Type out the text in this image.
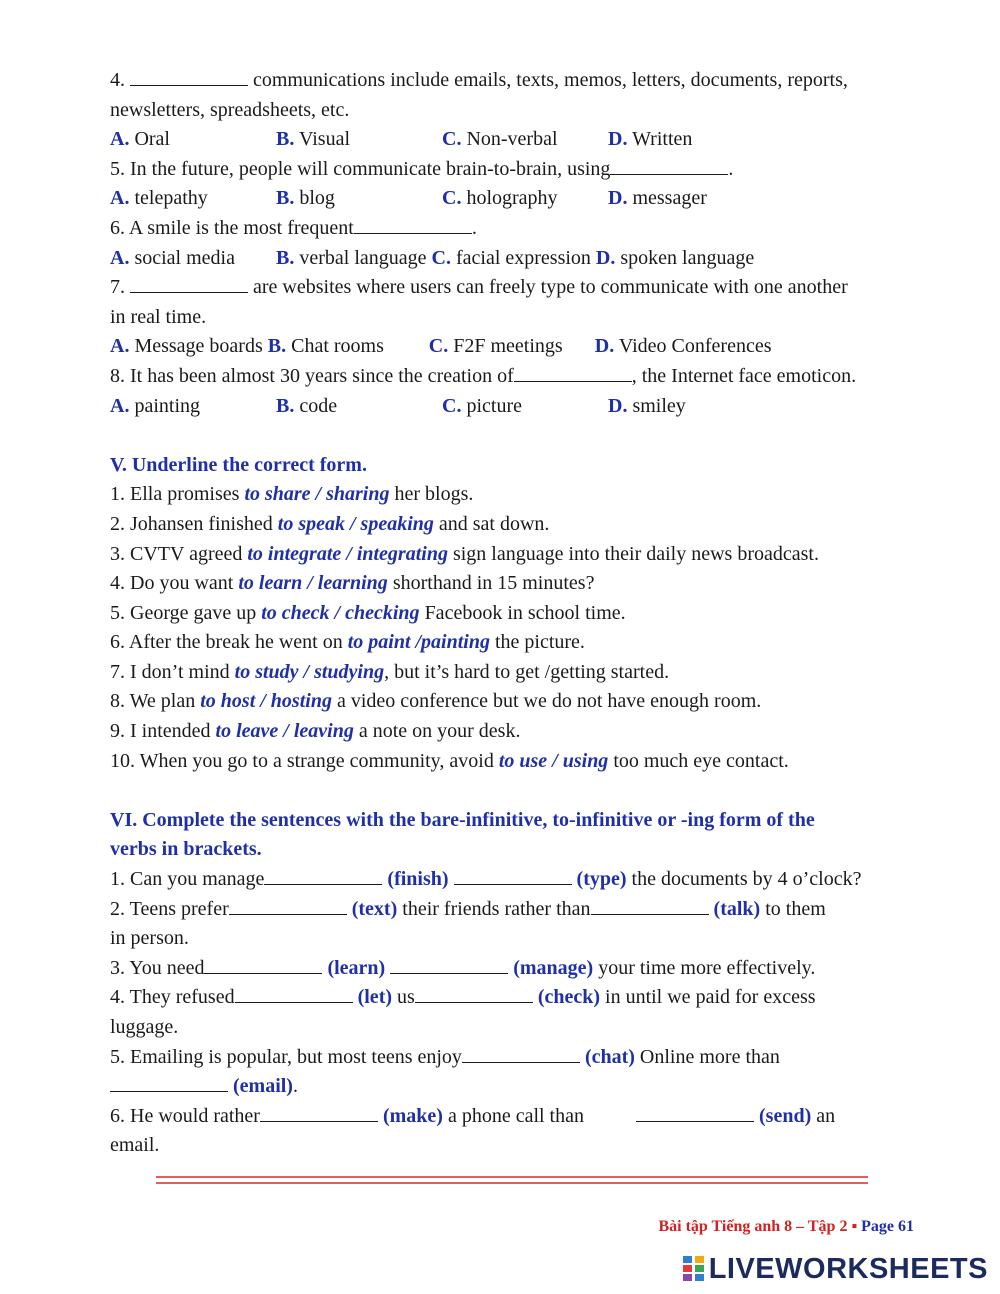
4.	communications include emails, texts, memos, letters, documents, reports,
newsletters, spreadsheets, etc.
A. Oral	B. Visual	C. Non-verbal	D. Written
5. In the future, people will communicate brain-to-brain, using	.
A. telepathy	B. blog	C. holography	D. messager
6. A smile is the most frequent	.
A. social media B. verbal language C. facial expression D. spoken language
7.	are websites where users can freely type to communicate with one another
in real time.
A. Message boards B. Chat rooms C. F2F meetings D. Video Conferences
8. It has been almost 30 years since the creation of	, the Internet face emoticon.
A. painting	B. code	C. picture	D. smiley
V. Underline the correct form.
1. Ella promises to share / sharing her blogs.
2. Johansen finished to speak / speaking and sat down.
3. CVTV agreed to integrate / integrating sign language into their daily news broadcast.
4. Do you want to learn / learning shorthand in 15 minutes?
5. George gave up to check / checking Facebook in school time.
6. After the break he went on to paint /painting the picture.
7. I don’t mind to study / studying, but it’s hard to get /getting started.
8. We plan to host / hosting a video conference but we do not have enough room.
9. I intended to leave / leaving a note on your desk.
10. When you go to a strange community, avoid to use / using too much eye contact.
VI. Complete the sentences with the bare-infinitive, to-infinitive or -ing form of the
verbs in brackets.
1. Can you manage	(finish)	(type) the documents by 4 o’clock?
2. Teens prefer	(text) their friends rather than	(talk) to them
in person.
3. You need	(learn)	(manage) your time more effectively.
4. They refused	(let) us	(check) in until we paid for excess
luggage.
5. Emailing is popular, but most teens enjoy	(chat) Online more than
(email).
6. He would rather	(make) a phone call than	(send) an
email.
Bài tập Tiếng anh 8 – Tập 2 ▪ Page 61
LIVEWORKSHEETS
